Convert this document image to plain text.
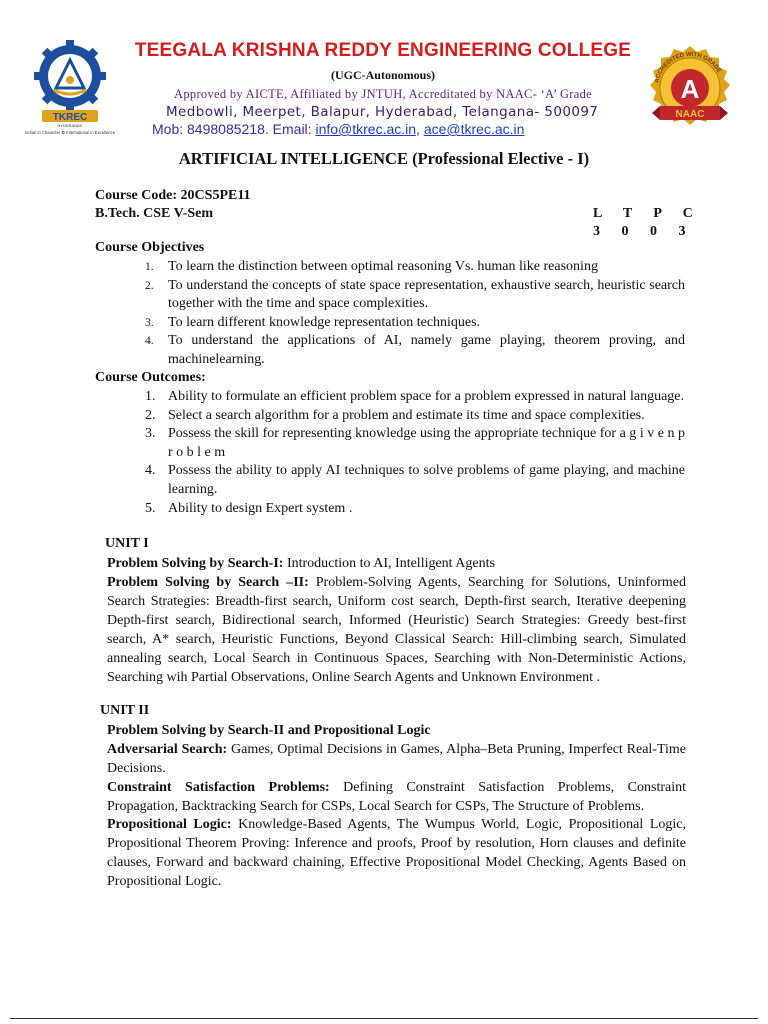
TKREC
HYDERABAD
Indian in Character ✪ International in Excellence
TEEGALA KRISHNA REDDY ENGINEERING COLLEGE
(UGC-Autonomous)
Approved by AICTE, Affiliated by JNTUH, Accreditated by NAAC- ‘A’ Grade
Medbowli, Meerpet, Balapur, Hyderabad, Telangana- 500097
Mob: 8498085218. Email: info@tkrec.ac.in, ace@tkrec.ac.in
ACCREDITED WITH GRADE
A
NAAC
ARTIFICIAL INTELLIGENCE (Professional Elective - I)
Course Code: 20CS5PE11
B.Tech. CSE V-Sem	L T P C
3 0 0 3
Course Objectives
1. To learn the distinction between optimal reasoning Vs. human like reasoning
2. To understand the concepts of state space representation, exhaustive search, heuristic search together with the time and space complexities.
3. To learn different knowledge representation techniques.
4. To understand the applications of AI, namely game playing, theorem proving, and machinelearning.
Course Outcomes:
1. Ability to formulate an efficient problem space for a problem expressed in natural language.
2. Select a search algorithm for a problem and estimate its time and space complexities.
3. Possess the skill for representing knowledge using the appropriate technique for a g i v e n p r o b l e m
4. Possess the ability to apply AI techniques to solve problems of game playing, and machine learning.
5. Ability to design Expert system .
UNIT I
Problem Solving by Search-I: Introduction to AI, Intelligent Agents
Problem Solving by Search –II: Problem-Solving Agents, Searching for Solutions, Uninformed Search Strategies: Breadth-first search, Uniform cost search, Depth-first search, Iterative deepening Depth-first search, Bidirectional search, Informed (Heuristic) Search Strategies: Greedy best-first search, A* search, Heuristic Functions, Beyond Classical Search: Hill-climbing search, Simulated annealing search, Local Search in Continuous Spaces, Searching with Non-Deterministic Actions, Searching wih Partial Observations, Online Search Agents and Unknown Environment .
UNIT II
Problem Solving by Search-II and Propositional Logic
Adversarial Search: Games, Optimal Decisions in Games, Alpha–Beta Pruning, Imperfect Real-Time Decisions.
Constraint Satisfaction Problems: Defining Constraint Satisfaction Problems, Constraint Propagation, Backtracking Search for CSPs, Local Search for CSPs, The Structure of Problems.
Propositional Logic: Knowledge-Based Agents, The Wumpus World, Logic, Propositional Logic, Propositional Theorem Proving: Inference and proofs, Proof by resolution, Horn clauses and definite clauses, Forward and backward chaining, Effective Propositional Model Checking, Agents Based on Propositional Logic.
